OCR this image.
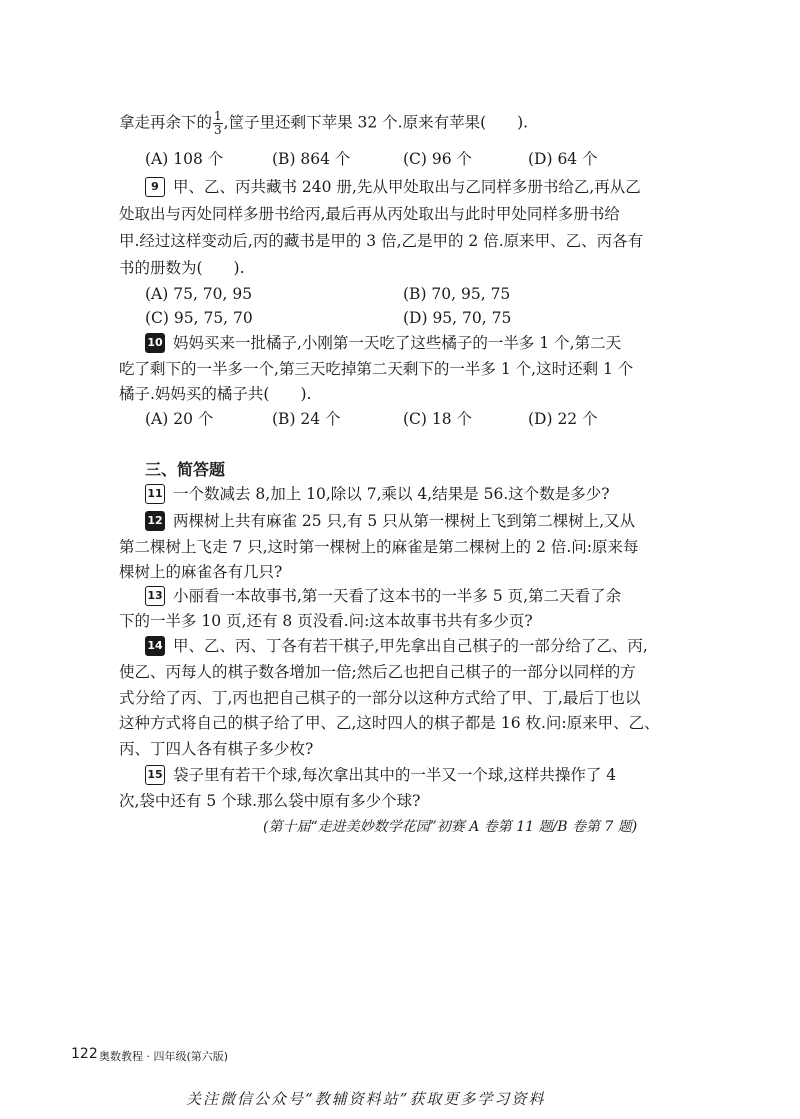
拿走再余下的 $\frac{1}{3}$ ,筐子里还剩下苹果 32 个.原来有苹果(　　).
(A) 108 个	(B) 864 个	(C) 96 个	(D) 64 个
9 甲、乙、丙共藏书 240 册,先从甲处取出与乙同样多册书给乙,再从乙
处取出与丙处同样多册书给丙,最后再从丙处取出与此时甲处同样多册书给
甲.经过这样变动后,丙的藏书是甲的 3 倍,乙是甲的 2 倍.原来甲、乙、丙各有
书的册数为(　　).
(A) 75, 70, 95	(B) 70, 95, 75
(C) 95, 75, 70	(D) 95, 70, 75
10 妈妈买来一批橘子,小刚第一天吃了这些橘子的一半多 1 个,第二天
吃了剩下的一半多一个,第三天吃掉第二天剩下的一半多 1 个,这时还剩 1 个
橘子.妈妈买的橘子共(　　).
(A) 20 个	(B) 24 个	(C) 18 个	(D) 22 个
三、简答题
11 一个数减去 8,加上 10,除以 7,乘以 4,结果是 56.这个数是多少?
12 两棵树上共有麻雀 25 只,有 5 只从第一棵树上飞到第二棵树上,又从
第二棵树上飞走 7 只,这时第一棵树上的麻雀是第二棵树上的 2 倍.问:原来每
棵树上的麻雀各有几只?
13 小丽看一本故事书,第一天看了这本书的一半多 5 页,第二天看了余
下的一半多 10 页,还有 8 页没看.问:这本故事书共有多少页?
14 甲、乙、丙、丁各有若干棋子,甲先拿出自己棋子的一部分给了乙、丙,
使乙、丙每人的棋子数各增加一倍;然后乙也把自己棋子的一部分以同样的方
式分给了丙、丁,丙也把自己棋子的一部分以这种方式给了甲、丁,最后丁也以
这种方式将自己的棋子给了甲、乙,这时四人的棋子都是 16 枚.问:原来甲、乙、
丙、丁四人各有棋子多少枚?
15 袋子里有若干个球,每次拿出其中的一半又一个球,这样共操作了 4
次,袋中还有 5 个球.那么袋中原有多少个球?
(第十届“走进美妙数学花园”初赛 A 卷第 11 题/B 卷第 7 题)
122 奥数教程 · 四年级(第六版)
关注微信公众号“教辅资料站”获取更多学习资料
